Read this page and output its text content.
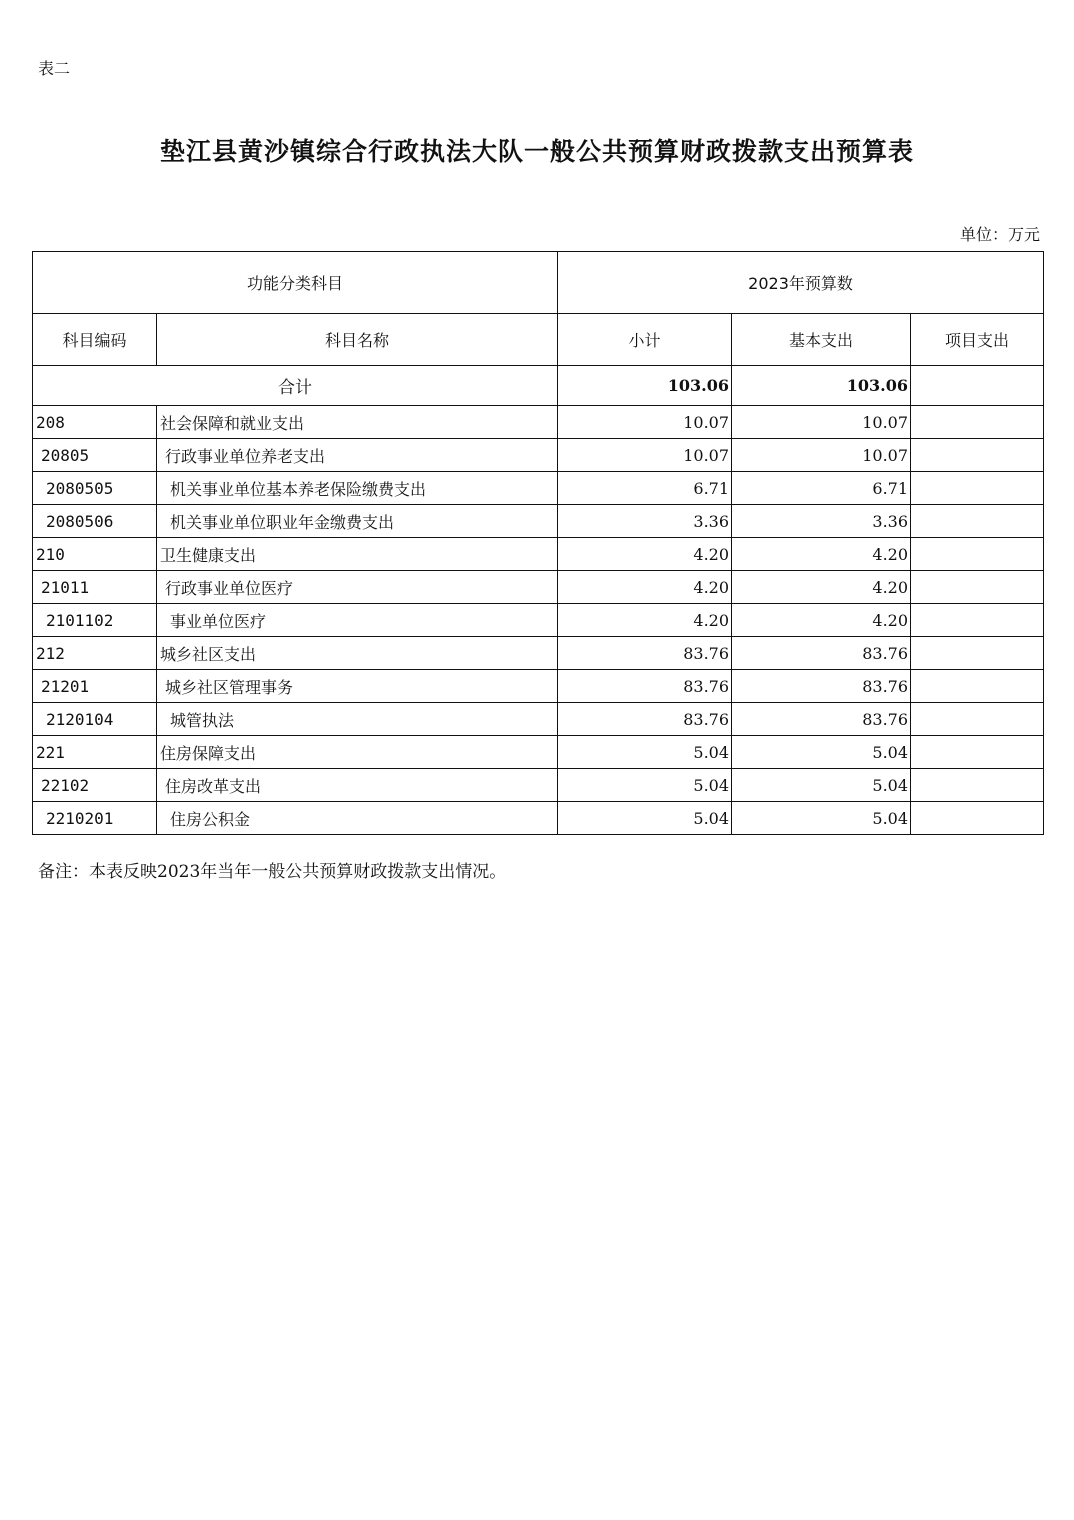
表二
垫江县黄沙镇综合行政执法大队一般公共预算财政拨款支出预算表
单位：万元
功能分类科目		2023年预算数		
科目编码	科目名称	小计	基本支出	项目支出
合计		103.06	103.06	
208	社会保障和就业支出	10.07	10.07	
20805	行政事业单位养老支出	10.07	10.07	
2080505	机关事业单位基本养老保险缴费支出	6.71	6.71	
2080506	机关事业单位职业年金缴费支出	3.36	3.36	
210	卫生健康支出	4.20	4.20	
21011	行政事业单位医疗	4.20	4.20	
2101102	事业单位医疗	4.20	4.20	
212	城乡社区支出	83.76	83.76	
21201	城乡社区管理事务	83.76	83.76	
2120104	城管执法	83.76	83.76	
221	住房保障支出	5.04	5.04	
22102	住房改革支出	5.04	5.04	
2210201	住房公积金	5.04	5.04	
备注：本表反映2023年当年一般公共预算财政拨款支出情况。
